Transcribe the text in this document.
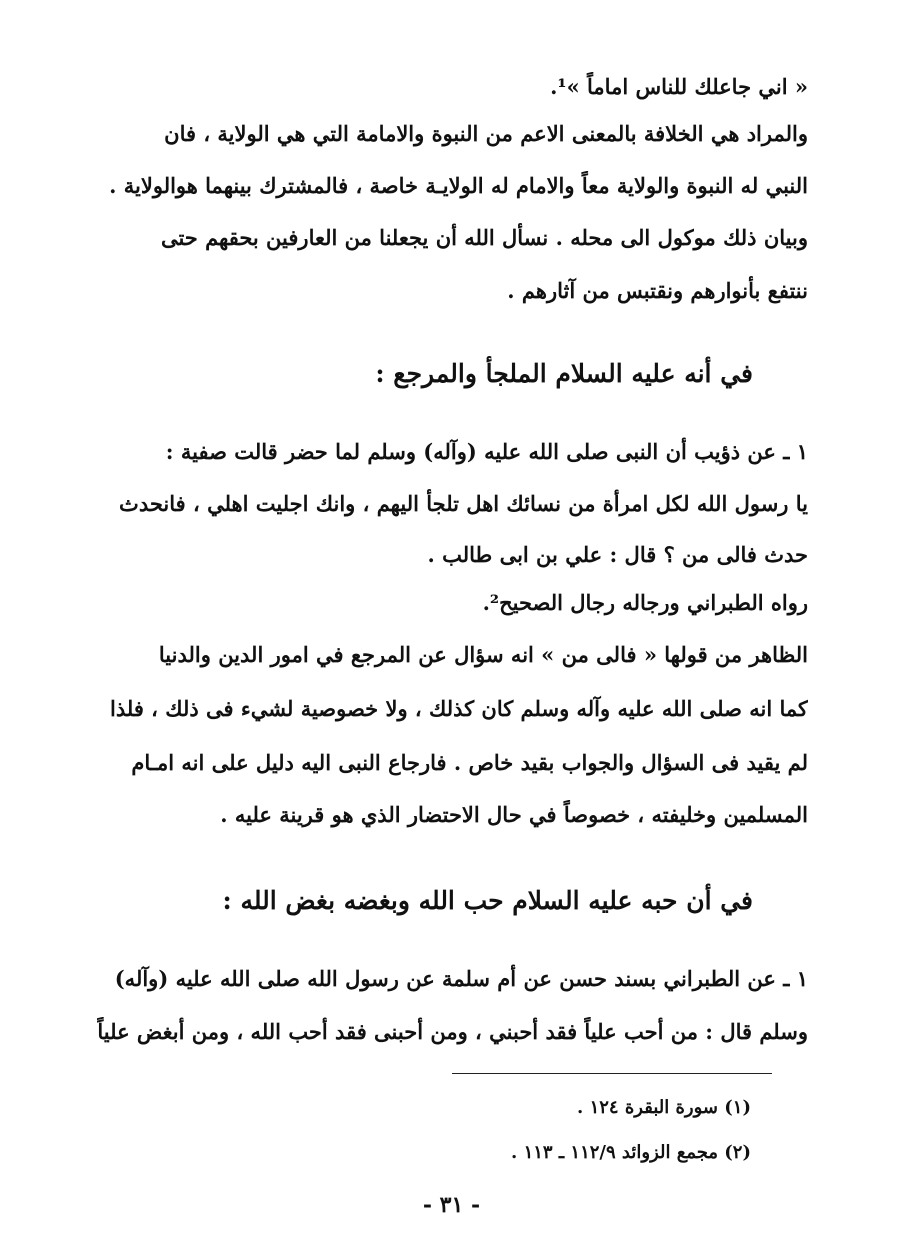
« اني جاعلك للناس اماماً »¹.
والمراد هي الخلافة بالمعنى الاعم من النبوة والامامة التي هي الولاية ، فان
النبي له النبوة والولاية معاً والامام له الولايـة خاصة ، فالمشترك بينهما هوالولاية .
وبيان ذلك موكول الى محله . نسأل الله أن يجعلنا من العارفين بحقهم حتى
ننتفع بأنوارهم ونقتبس من آثارهم .
في أنه عليه السلام الملجأ والمرجع :
١ ـ عن ذؤيب أن النبى صلى الله عليه (وآله) وسلم لما حضر قالت صفية :
يا رسول الله لكل امرأة من نسائك اهل تلجأ اليهم ، وانك اجليت اهلي ، فانحدث
حدث فالى من ؟ قال : علي بن ابى طالب .
رواه الطبراني ورجاله رجال الصحيح².
الظاهر من قولها « فالى من » انه سؤال عن المرجع في امور الدين والدنيا
كما انه صلى الله عليه وآله وسلم كان كذلك ، ولا خصوصية لشيء فى ذلك ، فلذا
لم يقيد فى السؤال والجواب بقيد خاص . فارجاع النبى اليه دليل على انه امـام
المسلمين وخليفته ، خصوصاً في حال الاحتضار الذي هو قرينة عليه .
في أن حبه عليه السلام حب الله وبغضه بغض الله :
١ ـ عن الطبراني بسند حسن عن أم سلمة عن رسول الله صلى الله عليه (وآله)
وسلم قال : من أحب علياً فقد أحبني ، ومن أحبنى فقد أحب الله ، ومن أبغض علياً
(١) سورة البقرة ١٢٤ .
(٢) مجمع الزوائد ١١٢/٩ ـ ١١٣ .
- ٣١ -
